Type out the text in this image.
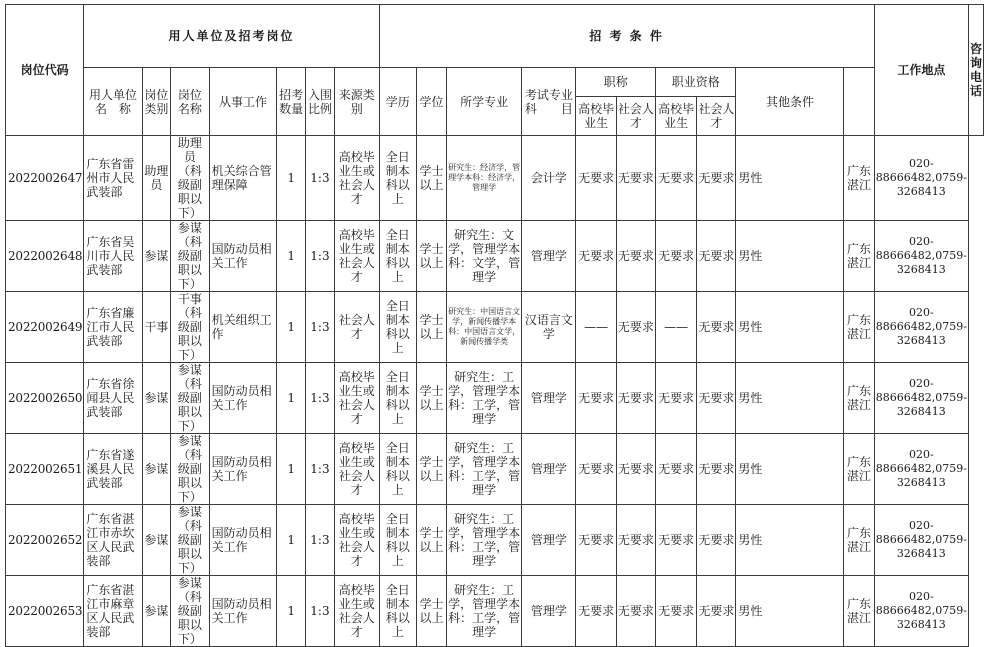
岗位代码	用人单位及招考岗位							招 考 条 件										工作地点	咨询电话
	用人单位名　称	岗位类别	岗位名称	从事工作	招考数量	入围比例	来源类别	学历	学位	所学专业	考试专业科　　目	职称		职业资格		其他条件			
												高校毕业生	社会人才	高校毕业生	社会人才				
2022002647	广东省雷州市人民武装部	助理员	助理员（科级副职以下）	机关综合管理保障	1	1:3	高校毕业生或社会人才	全日制本科以上	学士以上	研究生：经济学，管理学本科：经济学，管理学	会计学	无要求	无要求	无要求	无要求	男性	广东湛江	020-88666482,0759-3268413	
2022002648	广东省吴川市人民武装部	参谋	参谋（科级副职以下）	国防动员相关工作	1	1:3	高校毕业生或社会人才	全日制本科以上	学士以上	研究生：文学，管理学本科：文学，管理学	管理学	无要求	无要求	无要求	无要求	男性	广东湛江	020-88666482,0759-3268413	
2022002649	广东省廉江市人民武装部	干事	干事（科级副职以下）	机关组织工作	1	1:3	社会人才	全日制本科以上	学士以上	研究生：中国语言文学，新闻传播学本科：中国语言文学，新闻传播学类	汉语言文学	——	无要求	——	无要求	男性	广东湛江	020-88666482,0759-3268413	
2022002650	广东省徐闻县人民武装部	参谋	参谋（科级副职以下）	国防动员相关工作	1	1:3	高校毕业生或社会人才	全日制本科以上	学士以上	研究生：工学，管理学本科：工学，管理学	管理学	无要求	无要求	无要求	无要求	男性	广东湛江	020-88666482,0759-3268413	
2022002651	广东省遂溪县人民武装部	参谋	参谋（科级副职以下）	国防动员相关工作	1	1:3	高校毕业生或社会人才	全日制本科以上	学士以上	研究生：工学，管理学本科：工学，管理学	管理学	无要求	无要求	无要求	无要求	男性	广东湛江	020-88666482,0759-3268413	
2022002652	广东省湛江市赤坎区人民武装部	参谋	参谋（科级副职以下）	国防动员相关工作	1	1:3	高校毕业生或社会人才	全日制本科以上	学士以上	研究生：工学，管理学本科：工学，管理学	管理学	无要求	无要求	无要求	无要求	男性	广东湛江	020-88666482,0759-3268413	
2022002653	广东省湛江市麻章区人民武装部	参谋	参谋（科级副职以下）	国防动员相关工作	1	1:3	高校毕业生或社会人才	全日制本科以上	学士以上	研究生：工学，管理学本科：工学，管理学	管理学	无要求	无要求	无要求	无要求	男性	广东湛江	020-88666482,0759-3268413	
